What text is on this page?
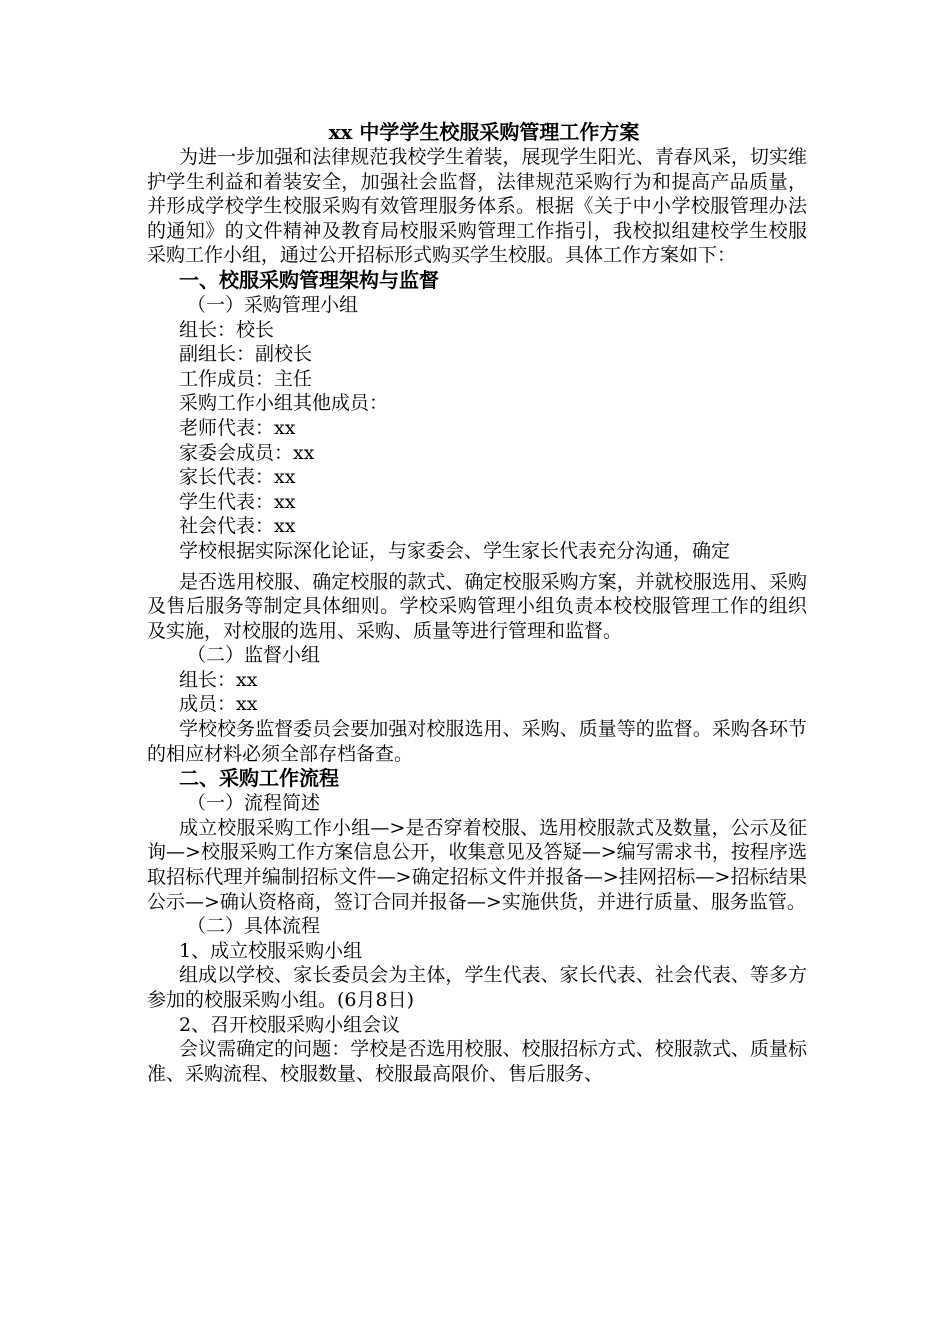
xx 中学学生校服采购管理工作方案

为进一步加强和法律规范我校学生着装，展现学生阳光、青春风采，切实维护学生利益和着装安全，加强社会监督，法律规范采购行为和提高产品质量，并形成学校学生校服采购有效管理服务体系。根据《关于中小学校服管理办法的通知》的文件精神及教育局校服采购管理工作指引，我校拟组建校学生校服采购工作小组，通过公开招标形式购买学生校服。具体工作方案如下：

一、校服采购管理架构与监督

（一）采购管理小组

组长：校长

副组长：副校长

工作成员：主任

采购工作小组其他成员：

老师代表：xx

家委会成员：xx

家长代表：xx

学生代表：xx

社会代表：xx

学校根据实际深化论证，与家委会、学生家长代表充分沟通，确定

是否选用校服、确定校服的款式、确定校服采购方案，并就校服选用、采购及售后服务等制定具体细则。学校采购管理小组负责本校校服管理工作的组织及实施，对校服的选用、采购、质量等进行管理和监督。

（二）监督小组

组长：xx

成员：xx

学校校务监督委员会要加强对校服选用、采购、质量等的监督。采购各环节的相应材料必须全部存档备查。

二、采购工作流程

（一）流程简述

成立校服采购工作小组—>是否穿着校服、选用校服款式及数量，公示及征询—>校服采购工作方案信息公开，收集意见及答疑—>编写需求书，按程序选取招标代理并编制招标文件—>确定招标文件并报备—>挂网招标—>招标结果公示—>确认资格商，签订合同并报备—>实施供货，并进行质量、服务监管。

（二）具体流程

1、成立校服采购小组

组成以学校、家长委员会为主体，学生代表、家长代表、社会代表、等多方参加的校服采购小组。(6月8日)

2、召开校服采购小组会议

会议需确定的问题：学校是否选用校服、校服招标方式、校服款式、质量标准、采购流程、校服数量、校服最高限价、售后服务、
